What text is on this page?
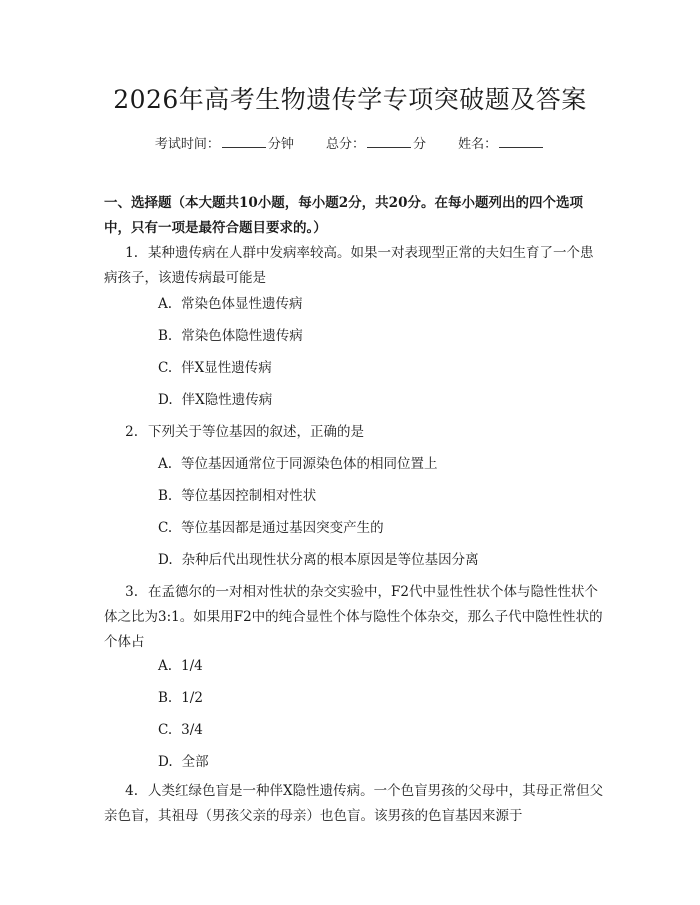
2026年高考生物遗传学专项突破题及答案
考试时间：	分钟 总分：	分 姓名：

一、选择题（本大题共10小题，每小题2分，共20分。在每小题列出的四个选项中，只有一项是最符合题目要求的。）

1. 某种遗传病在人群中发病率较高。如果一对表现型正常的夫妇生育了一个患病孩子，该遗传病最可能是

A. 常染色体显性遗传病
B. 常染色体隐性遗传病
C. 伴X显性遗传病
D. 伴X隐性遗传病

2. 下列关于等位基因的叙述，正确的是

A. 等位基因通常位于同源染色体的相同位置上
B. 等位基因控制相对性状
C. 等位基因都是通过基因突变产生的
D. 杂种后代出现性状分离的根本原因是等位基因分离

3. 在孟德尔的一对相对性状的杂交实验中，F2代中显性性状个体与隐性性状个体之比为3:1。如果用F2中的纯合显性个体与隐性个体杂交，那么子代中隐性性状的个体占

A. 1/4
B. 1/2
C. 3/4
D. 全部

4. 人类红绿色盲是一种伴X隐性遗传病。一个色盲男孩的父母中，其母正常但父亲色盲，其祖母（男孩父亲的母亲）也色盲。该男孩的色盲基因来源于
